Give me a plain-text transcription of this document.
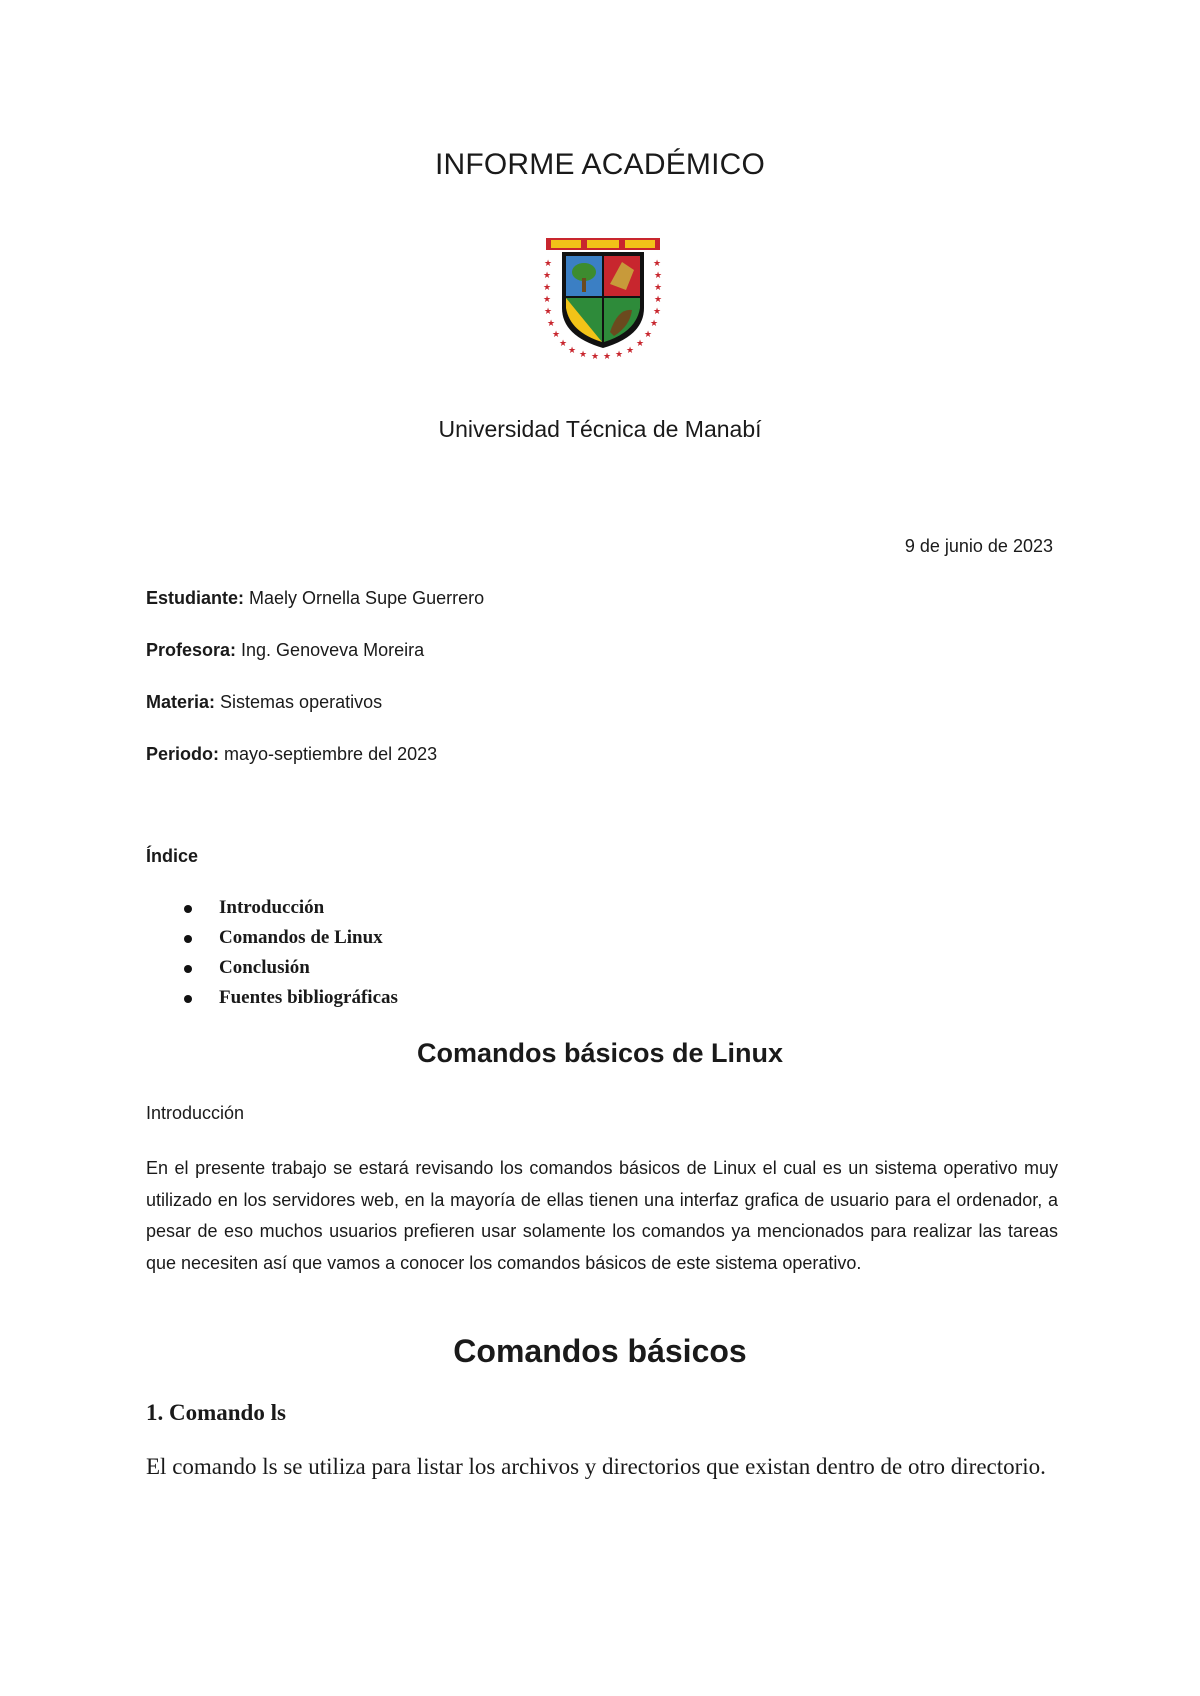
INFORME ACADÉMICO
★
★
★
★
★
★
★
★
★ ★ ★ ★ ★ ★
★
★
★
★
★
★
★
★
Universidad Técnica de Manabí
9 de junio de 2023
Estudiante: Maely Ornella Supe Guerrero
Profesora: Ing. Genoveva Moreira
Materia: Sistemas operativos
Periodo: mayo-septiembre del 2023
Índice
Introducción
Comandos de Linux
Conclusión
Fuentes bibliográficas
Comandos básicos de Linux
Introducción

En el presente trabajo se estará revisando los comandos básicos de Linux el cual es un sistema operativo muy utilizado en los servidores web, en la mayoría de ellas tienen una interfaz grafica de usuario para el ordenador, a pesar de eso muchos usuarios prefieren usar solamente los comandos ya mencionados para realizar las tareas que necesiten así que vamos a conocer los comandos básicos de este sistema operativo.

Comandos básicos
1. Comando ls

El comando ls se utiliza para listar los archivos y directorios que existan dentro de otro directorio.
